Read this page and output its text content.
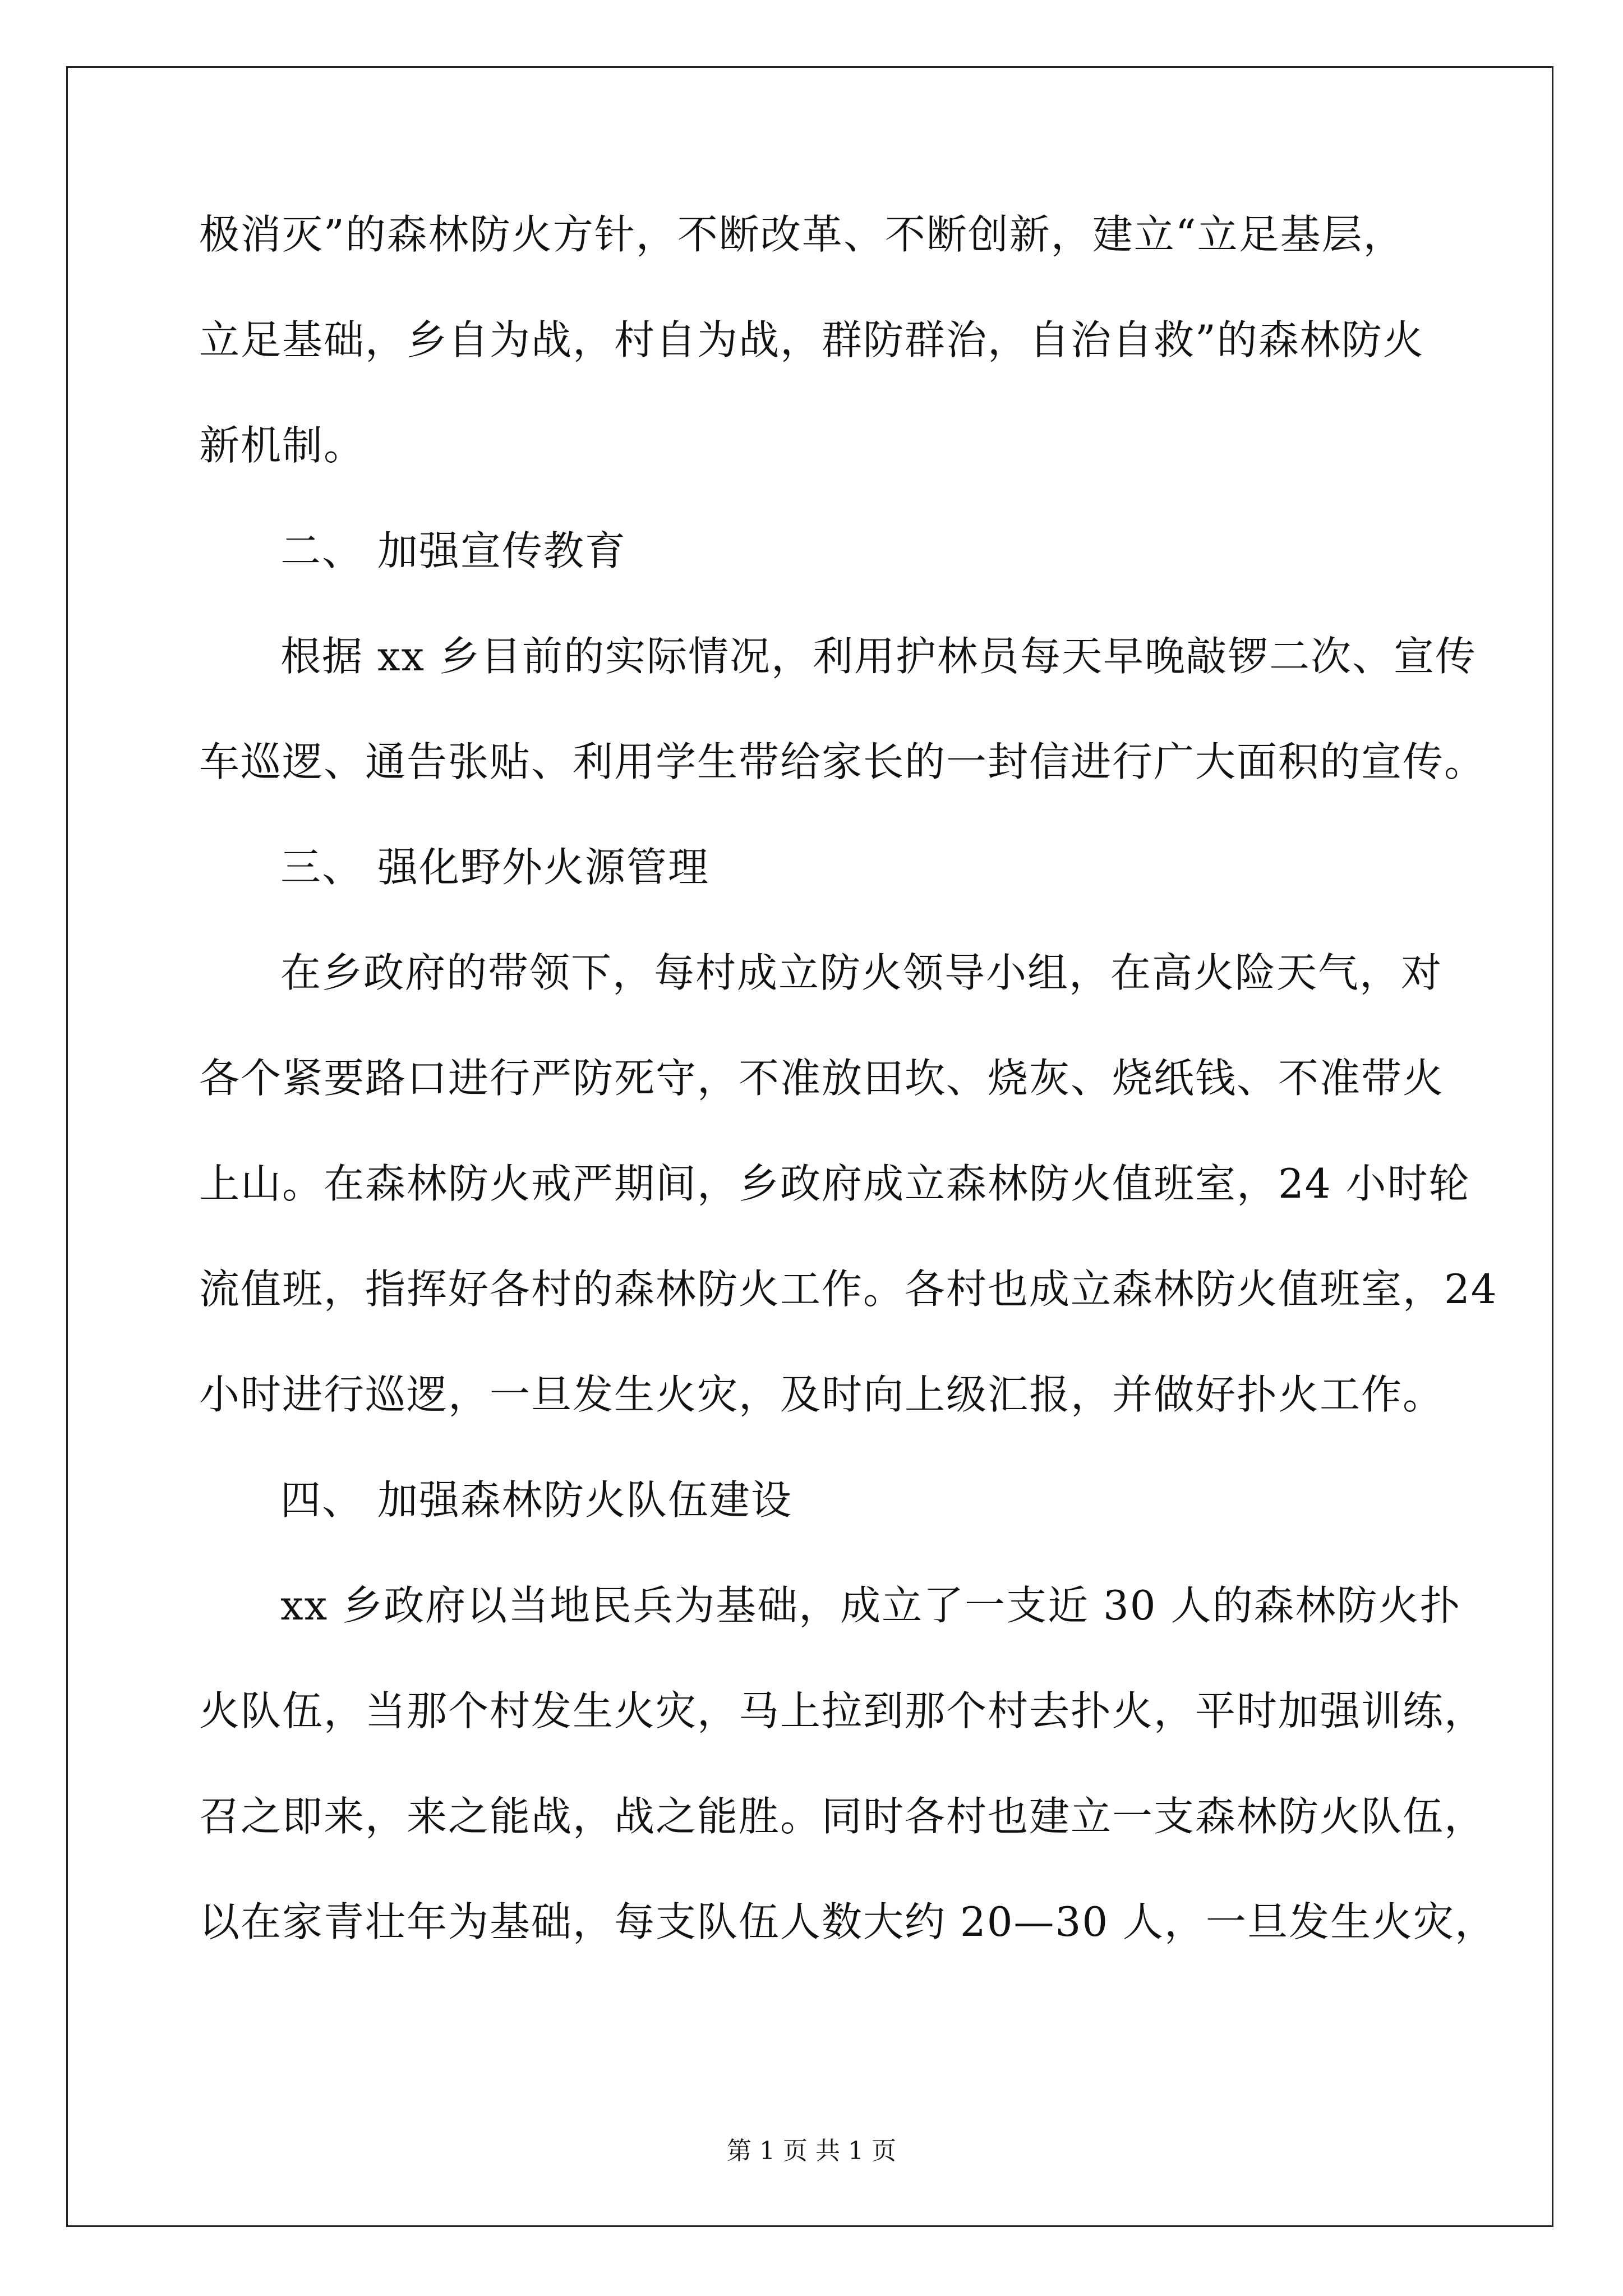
极消灭”的森林防火方针，不断改革、不断创新，建立“立足基层，
立足基础，乡自为战，村自为战，群防群治，自治自救”的森林防火
新机制。
二、 加强宣传教育
根据 xx 乡目前的实际情况，利用护林员每天早晚敲锣二次、宣传
车巡逻、通告张贴、利用学生带给家长的一封信进行广大面积的宣传。
三、 强化野外火源管理
在乡政府的带领下，每村成立防火领导小组，在高火险天气，对
各个紧要路口进行严防死守，不准放田坎、烧灰、烧纸钱、不准带火
上山。在森林防火戒严期间，乡政府成立森林防火值班室，24 小时轮
流值班，指挥好各村的森林防火工作。各村也成立森林防火值班室，24
小时进行巡逻，一旦发生火灾，及时向上级汇报，并做好扑火工作。
四、 加强森林防火队伍建设
xx 乡政府以当地民兵为基础，成立了一支近 30 人的森林防火扑
火队伍，当那个村发生火灾，马上拉到那个村去扑火，平时加强训练，
召之即来，来之能战，战之能胜。同时各村也建立一支森林防火队伍，
以在家青壮年为基础，每支队伍人数大约 20—30 人，一旦发生火灾，
第 1 页 共 1 页
